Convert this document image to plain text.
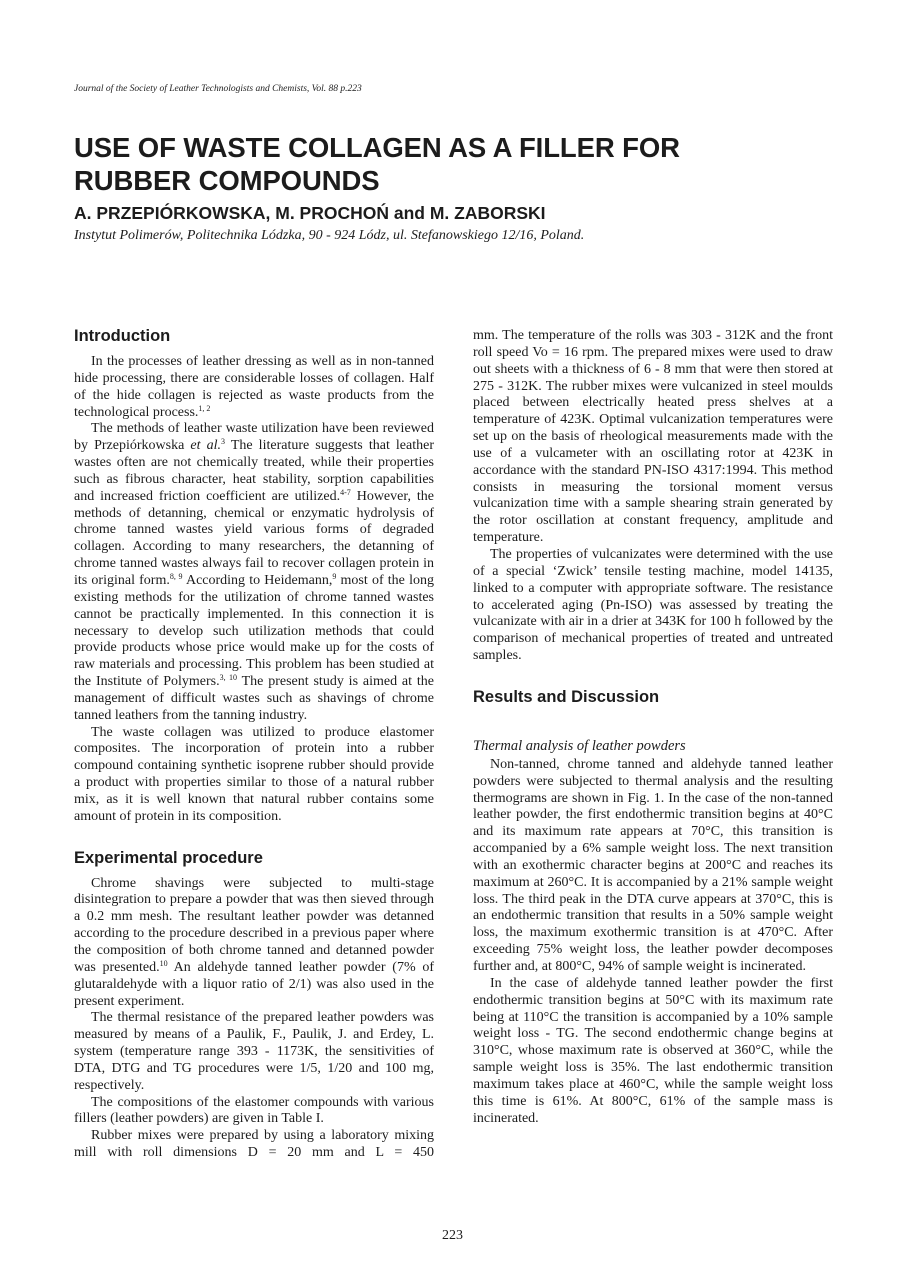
Journal of the Society of Leather Technologists and Chemists, Vol. 88 p.223
USE OF WASTE COLLAGEN AS A FILLER FOR
RUBBER COMPOUNDS
A. PRZEPIÓRKOWSKA, M. PROCHOŃ and M. ZABORSKI
Instytut Polimerów, Politechnika Lódzka, 90 - 924 Lódz, ul. Stefanowskiego 12/16, Poland.
Introduction

In the processes of leather dressing as well as in non-tanned hide processing, there are considerable losses of collagen. Half of the hide collagen is rejected as waste products from the technological process.$^{1, 2}$

The methods of leather waste utilization have been reviewed by Przepiórkowska et al.$^3$ The literature suggests that leather wastes often are not chemically treated, while their properties such as fibrous character, heat stability, sorption capabilities and increased friction coefficient are utilized.$^{4-7}$ However, the methods of detanning, chemical or enzymatic hydrolysis of chrome tanned wastes yield various forms of degraded collagen. According to many researchers, the detanning of chrome tanned wastes always fail to recover collagen protein in its original form.$^{8, 9}$ According to Heidemann,$^9$ most of the long existing methods for the utilization of chrome tanned wastes cannot be practically implemented. In this connection it is necessary to develop such utilization methods that could provide products whose price would make up for the costs of raw materials and processing. This problem has been studied at the Institute of Polymers.$^{3, 10}$ The present study is aimed at the management of difficult wastes such as shavings of chrome tanned leathers from the tanning industry.

The waste collagen was utilized to produce elastomer composites. The incorporation of protein into a rubber compound containing synthetic isoprene rubber should provide a product with properties similar to those of a natural rubber mix, as it is well known that natural rubber contains some amount of protein in its composition.

Experimental procedure

Chrome shavings were subjected to multi-stage disintegration to prepare a powder that was then sieved through a 0.2 mm mesh. The resultant leather powder was detanned according to the procedure described in a previous paper where the composition of both chrome tanned and detanned powder was presented.$^{10}$ An aldehyde tanned leather powder (7% of glutaraldehyde with a liquor ratio of 2/1) was also used in the present experiment.

The thermal resistance of the prepared leather powders was measured by means of a Paulik, F., Paulik, J. and Erdey, L. system (temperature range 393 - 1173K, the sensitivities of DTA, DTG and TG procedures were 1/5, 1/20 and 100 mg, respectively.

The compositions of the elastomer compounds with various fillers (leather powders) are given in Table I.

Rubber mixes were prepared by using a laboratory mixing mill with roll dimensions D = 20 mm and L = 450

mm. The temperature of the rolls was 303 - 312K and the front roll speed Vo = 16 rpm. The prepared mixes were used to draw out sheets with a thickness of 6 - 8 mm that were then stored at 275 - 312K. The rubber mixes were vulcanized in steel moulds placed between electrically heated press shelves at a temperature of 423K. Optimal vulcanization temperatures were set up on the basis of rheological measurements made with the use of a vulcameter with an oscillating rotor at 423K in accordance with the standard PN-ISO 4317:1994. This method consists in measuring the torsional moment versus vulcanization time with a sample shearing strain generated by the rotor oscillation at constant frequency, amplitude and temperature.

The properties of vulcanizates were determined with the use of a special ‘Zwick’ tensile testing machine, model 14135, linked to a computer with appropriate software. The resistance to accelerated aging (Pn-ISO) was assessed by treating the vulcanizate with air in a drier at 343K for 100 h followed by the comparison of mechanical properties of treated and untreated samples.

Results and Discussion
Thermal analysis of leather powders

Non-tanned, chrome tanned and aldehyde tanned leather powders were subjected to thermal analysis and the resulting thermograms are shown in Fig. 1. In the case of the non-tanned leather powder, the first endothermic transition begins at 40°C and its maximum rate appears at 70°C, this transition is accompanied by a 6% sample weight loss. The next transition with an exothermic character begins at 200°C and reaches its maximum at 260°C. It is accompanied by a 21% sample weight loss. The third peak in the DTA curve appears at 370°C, this is an endothermic transition that results in a 50% sample weight loss, the maximum exothermic transition is at 470°C. After exceeding 75% weight loss, the leather powder decomposes further and, at 800°C, 94% of sample weight is incinerated.

In the case of aldehyde tanned leather powder the first endothermic transition begins at 50°C with its maximum rate being at 110°C the transition is accompanied by a 10% sample weight loss - TG. The second endothermic change begins at 310°C, whose maximum rate is observed at 360°C, while the sample weight loss is 35%. The last endothermic transition maximum takes place at 460°C, while the sample weight loss this time is 61%. At 800°C, 61% of the sample mass is incinerated.

223
